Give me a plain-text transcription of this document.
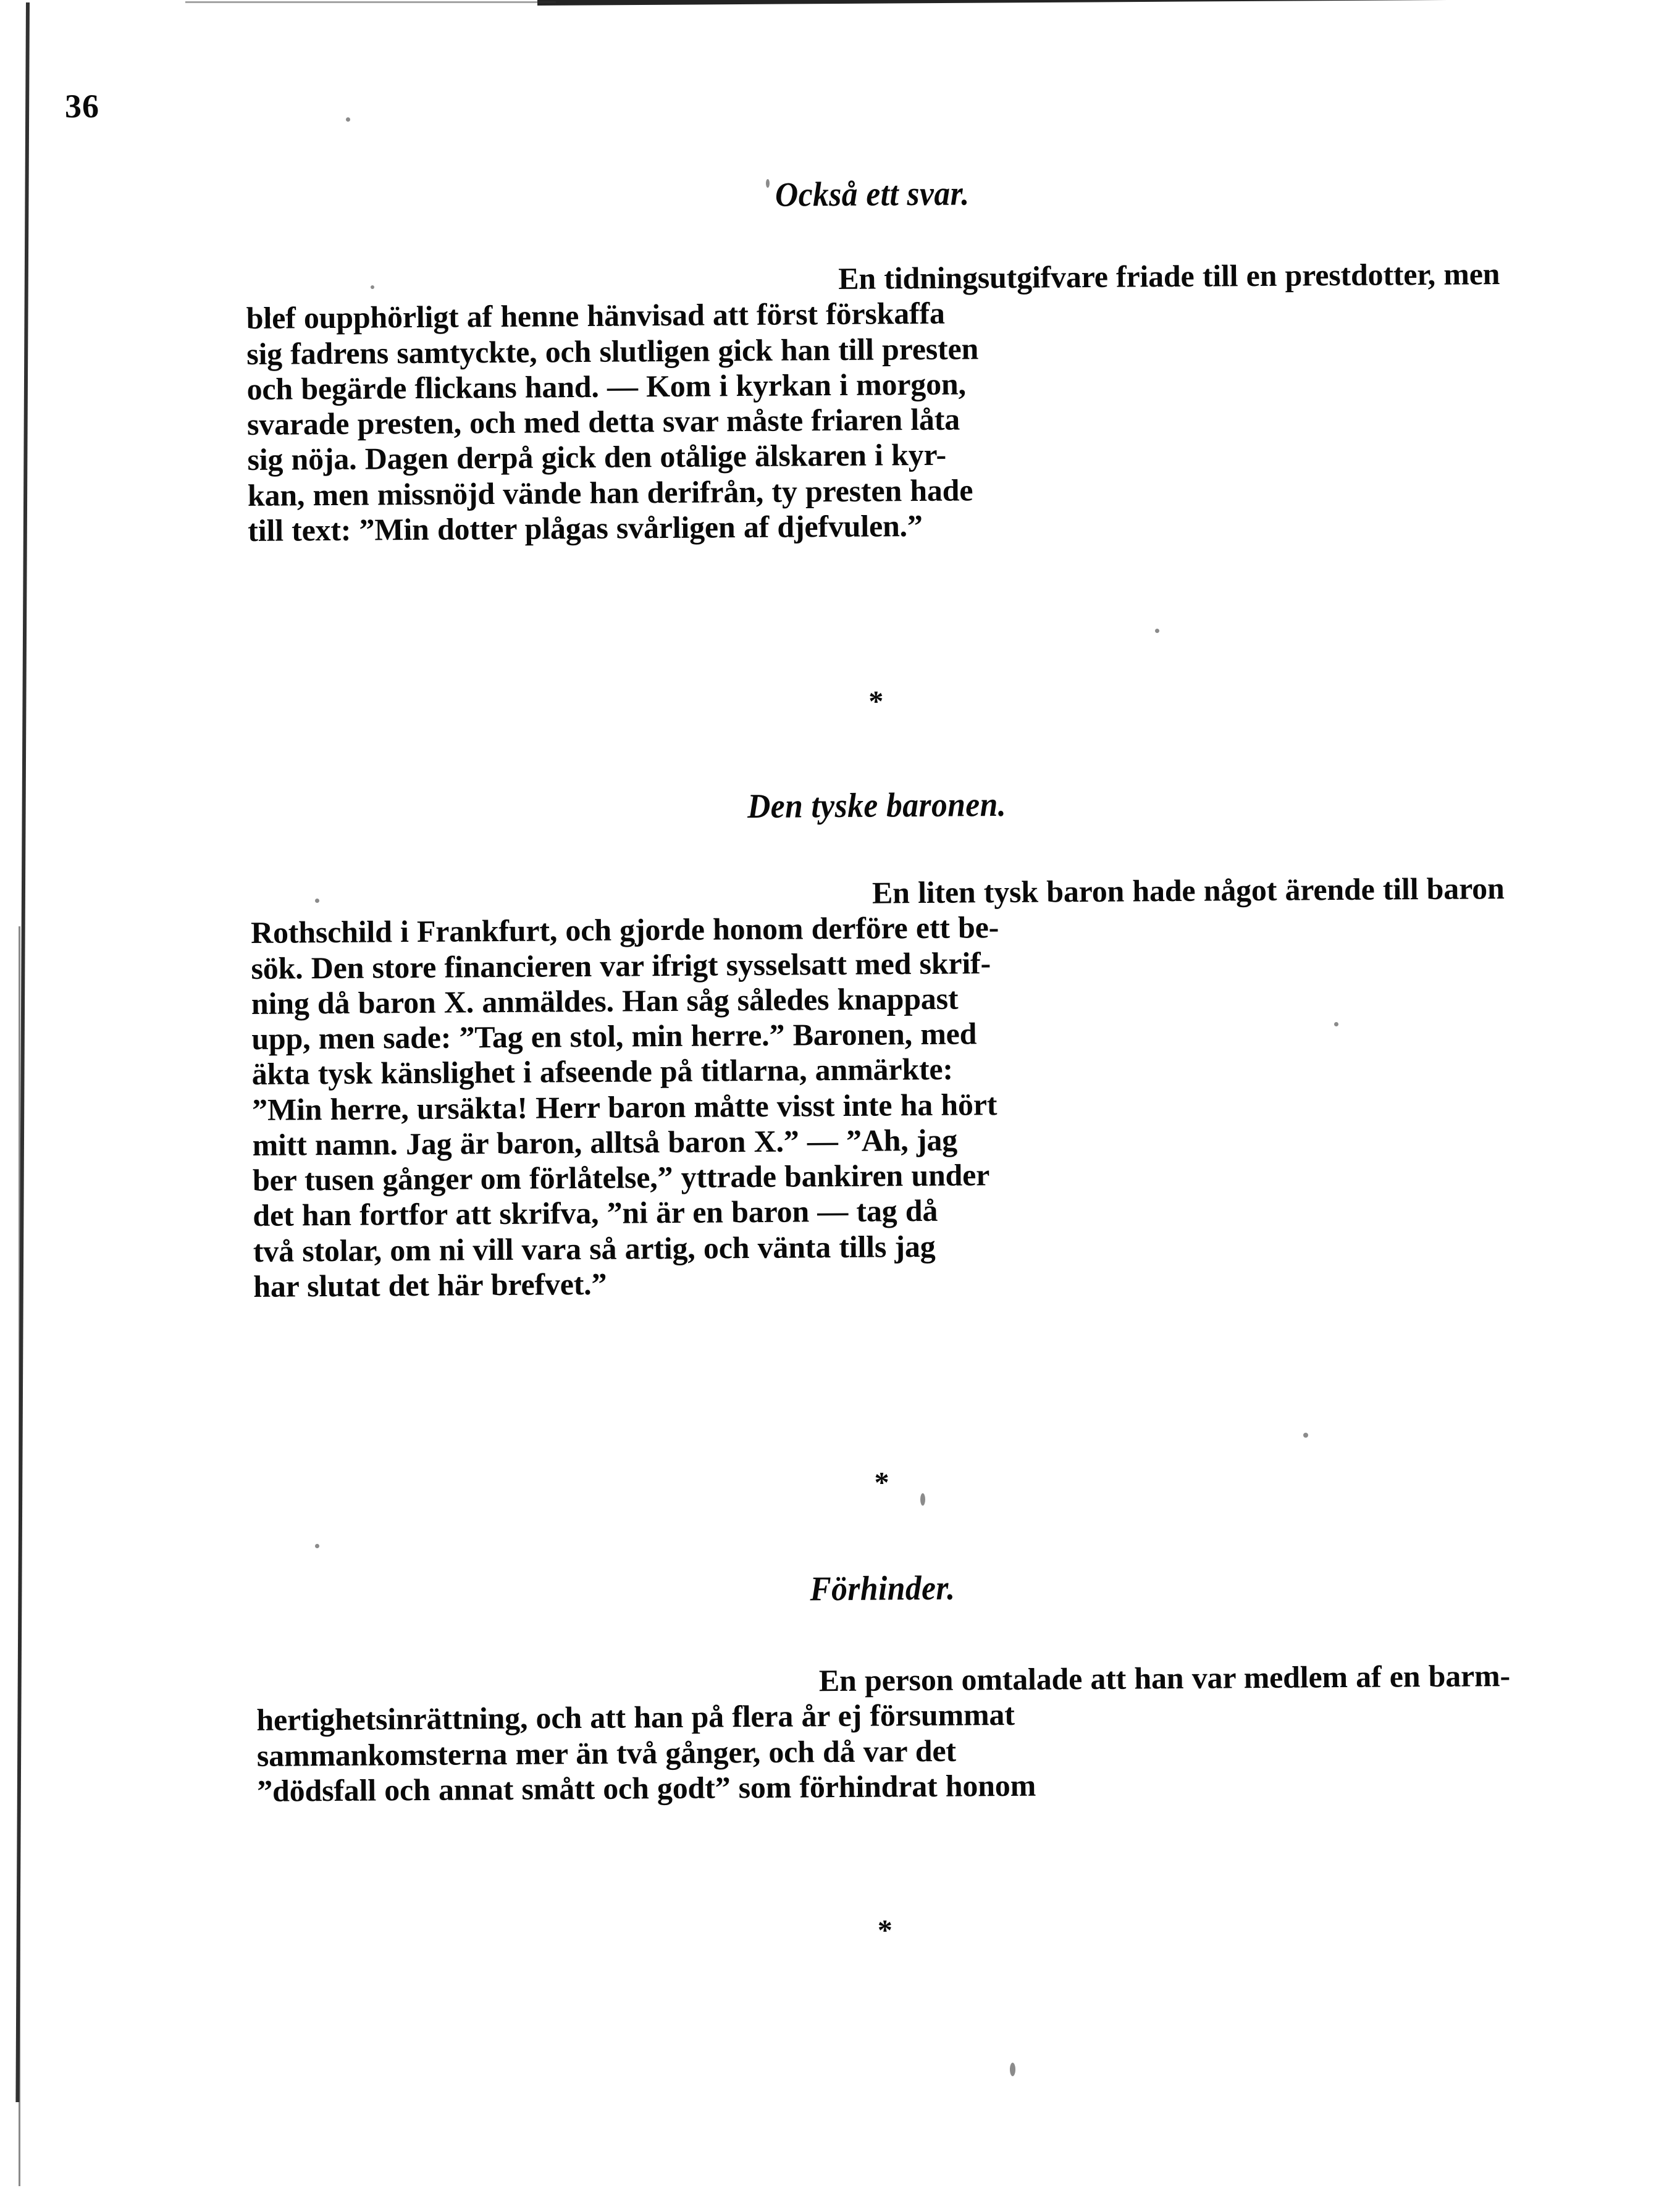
36
Också ett svar.
En tidningsutgifvare friade till en prestdotter, men
blef oupphörligt af henne hänvisad att först förskaffa
sig fadrens samtyckte, och slutligen gick han till presten
och begärde flickans hand. — Kom i kyrkan i morgon,
svarade presten, och med detta svar måste friaren låta
sig nöja. Dagen derpå gick den otålige älskaren i kyr-
kan, men missnöjd vände han derifrån, ty presten hade
till text: ”Min dotter plågas svårligen af djefvulen.”
*
Den tyske baronen.
En liten tysk baron hade något ärende till baron
Rothschild i Frankfurt, och gjorde honom derföre ett be-
sök. Den store financieren var ifrigt sysselsatt med skrif-
ning då baron X. anmäldes. Han såg således knappast
upp, men sade: ”Tag en stol, min herre.” Baronen, med
äkta tysk känslighet i afseende på titlarna, anmärkte:
”Min herre, ursäkta! Herr baron måtte visst inte ha hört
mitt namn. Jag är baron, alltså baron X.” — ”Ah, jag
ber tusen gånger om förlåtelse,” yttrade bankiren under
det han fortfor att skrifva, ”ni är en baron — tag då
två stolar, om ni vill vara så artig, och vänta tills jag
har slutat det här brefvet.”
*
Förhinder.
En person omtalade att han var medlem af en barm-
hertighetsinrättning, och att han på flera år ej försummat
sammankomsterna mer än två gånger, och då var det
”dödsfall och annat smått och godt” som förhindrat honom
*
